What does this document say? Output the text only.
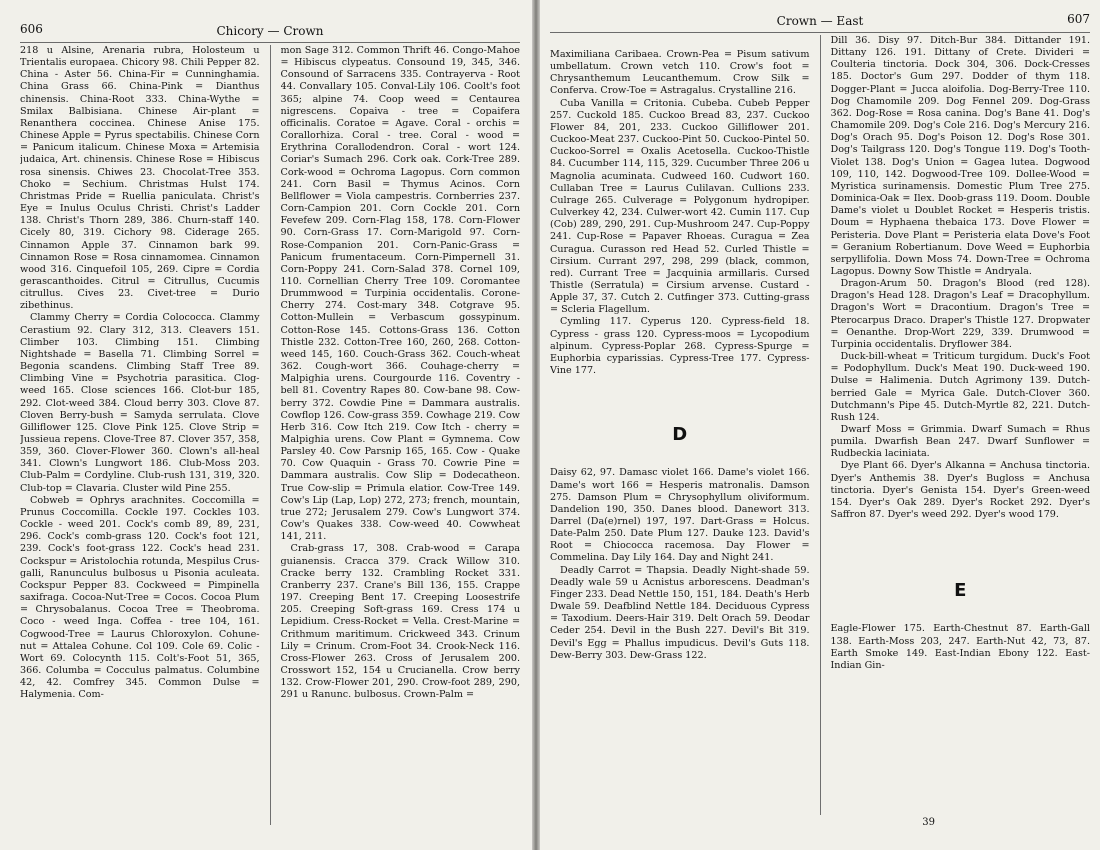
606	Chicory — Crown

218 u Alsine, Arenaria rubra, Holosteum u Trientalis europaea. Chicory 98. Chili Pepper 82. China - Aster 56. China-Fir = Cunninghamia. China Grass 66. China-Pink = Dianthus chinensis. China-Root 333. China-Wythe = Smilax Balbisiana. Chinese Air-plant = Renanthera coccinea. Chinese Anise 175. Chinese Apple = Pyrus spectabilis. Chinese Corn = Panicum italicum. Chinese Moxa = Artemisia judaica, Art. chinensis. Chinese Rose = Hibiscus rosa sinensis. Chiwes 23. Chocolat-Tree 353. Choko = Sechium. Christmas Hulst 174. Christmas Pride = Ruellia paniculata. Christ's Eye = Inulus Oculus Christi. Christ's Ladder 138. Christ's Thorn 289, 386. Churn-staff 140. Cicely 80, 319. Cichory 98. Ciderage 265. Cinnamon Apple 37. Cinnamon bark 99. Cinnamon Rose = Rosa cinnamomea. Cinnamon wood 316. Cinquefoil 105, 269. Cipre = Cordia gerascanthoides. Citrul = Citrullus, Cucumis citrullus. Cives 23. Civet-tree = Durio zibethinus.

Clammy Cherry = Cordia Colococca. Clammy Cerastium 92. Clary 312, 313. Cleavers 151. Climber 103. Climbing 151. Climbing Nightshade = Basella 71. Climbing Sorrel = Begonia scandens. Climbing Staff Tree 89. Climbing Vine = Psychotria parasitica. Clog-weed 165. Close sciences 166. Clot-bur 185, 292. Clot-weed 384. Cloud berry 303. Clove 87. Cloven Berry-bush = Samyda serrulata. Clove Gilliflower 125. Clove Pink 125. Clove Strip = Jussieua repens. Clove-Tree 87. Clover 357, 358, 359, 360. Clover-Flower 360. Clown's all-heal 341. Clown's Lungwort 186. Club-Moss 203. Club-Palm = Cordyline. Club-rush 131, 319, 320. Club-top = Clavaria. Cluster wild Pine 255.

Cobweb = Ophrys arachnites. Coccomilla = Prunus Coccomilla. Cockle 197. Cockles 103. Cockle - weed 201. Cock's comb 89, 89, 231, 296. Cock's comb-grass 120. Cock's foot 121, 239. Cock's foot-grass 122. Cock's head 231. Cockspur = Aristolochia rotunda, Mespilus Crus-galli, Ranunculus bulbosus u Pisonia aculeata. Cockspur Pepper 83. Cockweed = Pimpinella saxifraga. Cocoa-Nut-Tree = Cocos. Cocoa Plum = Chrysobalanus. Cocoa Tree = Theobroma. Coco - weed Inga. Coffea - tree 104, 161. Cogwood-Tree = Laurus Chloroxylon. Cohune-nut = Attalea Cohune. Col 109. Cole 69. Colic - Wort 69. Colocynth 115. Colt's-Foot 51, 365, 366. Columba = Cocculus palmatus. Columbine 42, 42. Comfrey 345. Common Dulse = Halymenia. Com-

mon Sage 312. Common Thrift 46. Congo-Mahoe = Hibiscus clypeatus. Consound 19, 345, 346. Consound of Sarracens 335. Contrayerva - Root 44. Convallary 105. Conval-Lily 106. Coolt's foot 365; alpine 74. Coop weed = Centaurea nigrescens. Copaiva - tree = Copaifera officinalis. Coratoe = Agave. Coral - orchis = Corallorhiza. Coral - tree. Coral - wood = Erythrina Corallodendron. Coral - wort 124. Coriar's Sumach 296. Cork oak. Cork-Tree 289. Cork-wood = Ochroma Lagopus. Corn common 241. Corn Basil = Thymus Acinos. Corn Bellflower = Viola campestris. Cornberries 237. Corn-Campion 201. Corn Cockle 201. Corn Fevefew 209. Corn-Flag 158, 178. Corn-Flower 90. Corn-Grass 17. Corn-Marigold 97. Corn-Rose-Companion 201. Corn-Panic-Grass = Panicum frumentaceum. Corn-Pimpernell 31. Corn-Poppy 241. Corn-Salad 378. Cornel 109, 110. Cornellian Cherry Tree 109. Coromantee Drummwood = Turpinia occidentalis. Corone-Cherry 274. Cost-mary 348. Cotgrave 95. Cotton-Mullein = Verbascum gossypinum. Cotton-Rose 145. Cottons-Grass 136. Cotton Thistle 232. Cotton-Tree 160, 260, 268. Cotton-weed 145, 160. Couch-Grass 362. Couch-wheat 362. Cough-wort 366. Couhage-cherry = Malpighia urens. Courgourde 116. Coventry - bell 81. Coventry Rapes 80. Cow-bane 98. Cow-berry 372. Cowdie Pine = Dammara australis. Cowflop 126. Cow-grass 359. Cowhage 219. Cow Herb 316. Cow Itch 219. Cow Itch - cherry = Malpighia urens. Cow Plant = Gymnema. Cow Parsley 40. Cow Parsnip 165, 165. Cow - Quake 70. Cow Quaquin - Grass 70. Cowrie Pine = Dammara australis. Cow Slip = Dodecatheon. True Cow-slip = Primula elatior. Cow-Tree 149. Cow's Lip (Lap, Lop) 272, 273; french, mountain, true 272; Jerusalem 279. Cow's Lungwort 374. Cow's Quakes 338. Cow-weed 40. Cowwheat 141, 211.

Crab-grass 17, 308. Crab-wood = Carapa guianensis. Cracca 379. Crack Willow 310. Cracke berry 132. Crambling Rocket 331. Cranberry 237. Crane's Bill 136, 155. Crappe 197. Creeping Bent 17. Creeping Loosestrife 205. Creeping Soft-grass 169. Cress 174 u Lepidium. Cress-Rocket = Vella. Crest-Marine = Crithmum maritimum. Crickweed 343. Crinum Lily = Crinum. Crom-Foot 34. Crook-Neck 116. Cross-Flower 263. Cross of Jerusalem 200. Crosswort 152, 154 u Crucianella. Crow berry 132. Crow-Flower 201, 290. Crow-foot 289, 290, 291 u Ranunc. bulbosus. Crown-Palm =

Crown — East	607

Maximiliana Caribaea. Crown-Pea = Pisum sativum umbellatum. Crown vetch 110. Crow's foot = Chrysanthemum Leucanthemum. Crow Silk = Conferva. Crow-Toe = Astragalus. Crystalline 216.

Cuba Vanilla = Critonia. Cubeba. Cubeb Pepper 257. Cuckold 185. Cuckoo Bread 83, 237. Cuckoo Flower 84, 201, 233. Cuckoo Gilliflower 201. Cuckoo-Meat 237. Cuckoo-Pint 50. Cuckoo-Pintel 50. Cuckoo-Sorrel = Oxalis Acetosella. Cuckoo-Thistle 84. Cucumber 114, 115, 329. Cucumber Three 206 u Magnolia acuminata. Cudweed 160. Cudwort 160. Cullaban Tree = Laurus Culilavan. Cullions 233. Culrage 265. Culverage = Polygonum hydropiper. Culverkey 42, 234. Culwer-wort 42. Cumin 117. Cup (Cob) 289, 290, 291. Cup-Mushroom 247. Cup-Poppy 241. Cup-Rose = Papaver Rhoeas. Curagua = Zea Curagua. Curasson red Head 52. Curled Thistle = Cirsium. Currant 297, 298, 299 (black, common, red). Currant Tree = Jacquinia armillaris. Cursed Thistle (Serratula) = Cirsium arvense. Custard - Apple 37, 37. Cutch 2. Cutfinger 373. Cutting-grass = Scleria Flagellum.

Cymling 117. Cyperus 120. Cypress-field 18. Cypress - grass 120. Cypress-moos = Lycopodium alpinum. Cypress-Poplar 268. Cypress-Spurge = Euphorbia cyparissias. Cypress-Tree 177. Cypress-Vine 177.

D

Daisy 62, 97. Damasc violet 166. Dame's violet 166. Dame's wort 166 = Hesperis matronalis. Damson 275. Damson Plum = Chrysophyllum oliviformum. Dandelion 190, 350. Danes blood. Danewort 313. Darrel (Da(e)rnel) 197, 197. Dart-Grass = Holcus. Date-Palm 250. Date Plum 127. Dauke 123. David's Root = Chiococca racemosa. Day Flower = Commelina. Day Lily 164. Day and Night 241.

Deadly Carrot = Thapsia. Deadly Night-shade 59. Deadly wale 59 u Acnistus arborescens. Deadman's Finger 233. Dead Nettle 150, 151, 184. Death's Herb Dwale 59. Deafblind Nettle 184. Deciduous Cypress = Taxodium. Deers-Hair 319. Delt Orach 59. Deodar Ceder 254. Devil in the Bush 227. Devil's Bit 319. Devil's Egg = Phallus impudicus. Devil's Guts 118. Dew-Berry 303. Dew-Grass 122.

Dill 36. Disy 97. Ditch-Bur 384. Dittander 191. Dittany 126. 191. Dittany of Crete. Divideri = Coulteria tinctoria. Dock 304, 306. Dock-Cresses 185. Doctor's Gum 297. Dodder of thym 118. Dogger-Plant = Jucca aloifolia. Dog-Berry-Tree 110. Dog Chamomile 209. Dog Fennel 209. Dog-Grass 362. Dog-Rose = Rosa canina. Dog's Bane 41. Dog's Chamomile 209. Dog's Cole 216. Dog's Mercury 216. Dog's Orach 95. Dog's Poison 12. Dog's Rose 301. Dog's Tailgrass 120. Dog's Tongue 119. Dog's Tooth-Violet 138. Dog's Union = Gagea lutea. Dogwood 109, 110, 142. Dogwood-Tree 109. Dollee-Wood = Myristica surinamensis. Domestic Plum Tree 275. Dominica-Oak = Ilex. Doob-grass 119. Doom. Double Dame's violet u Doublet Rocket = Hesperis tristis. Doum = Hyphaena thebaica 173. Dove Flower = Peristeria. Dove Plant = Peristeria elata Dove's Foot = Geranium Robertianum. Dove Weed = Euphorbia serpyllifolia. Down Moss 74. Down-Tree = Ochroma Lagopus. Downy Sow Thistle = Andryala.

Dragon-Arum 50. Dragon's Blood (red 128). Dragon's Head 128. Dragon's Leaf = Dracophyllum. Dragon's Wort = Dracontium. Dragon's Tree = Pterocarpus Draco. Draper's Thistle 127. Dropwater = Oenanthe. Drop-Wort 229, 339. Drumwood = Turpinia occidentalis. Dryflower 384.

Duck-bill-wheat = Triticum turgidum. Duck's Foot = Podophyllum. Duck's Meat 190. Duck-weed 190. Dulse = Halimenia. Dutch Agrimony 139. Dutch-berried Gale = Myrica Gale. Dutch-Clover 360. Dutchmann's Pipe 45. Dutch-Myrtle 82, 221. Dutch-Rush 124.

Dwarf Moss = Grimmia. Dwarf Sumach = Rhus pumila. Dwarfish Bean 247. Dwarf Sunflower = Rudbeckia laciniata.

Dye Plant 66. Dyer's Alkanna = Anchusa tinctoria. Dyer's Anthemis 38. Dyer's Bugloss = Anchusa tinctoria. Dyer's Genista 154. Dyer's Green-weed 154. Dyer's Oak 289. Dyer's Rocket 292. Dyer's Saffron 87. Dyer's weed 292. Dyer's wood 179.

E

Eagle-Flower 175. Earth-Chestnut 87. Earth-Gall 138. Earth-Moss 203, 247. Earth-Nut 42, 73, 87. Earth Smoke 149. East-Indian Ebony 122. East-Indian Gin-

39
